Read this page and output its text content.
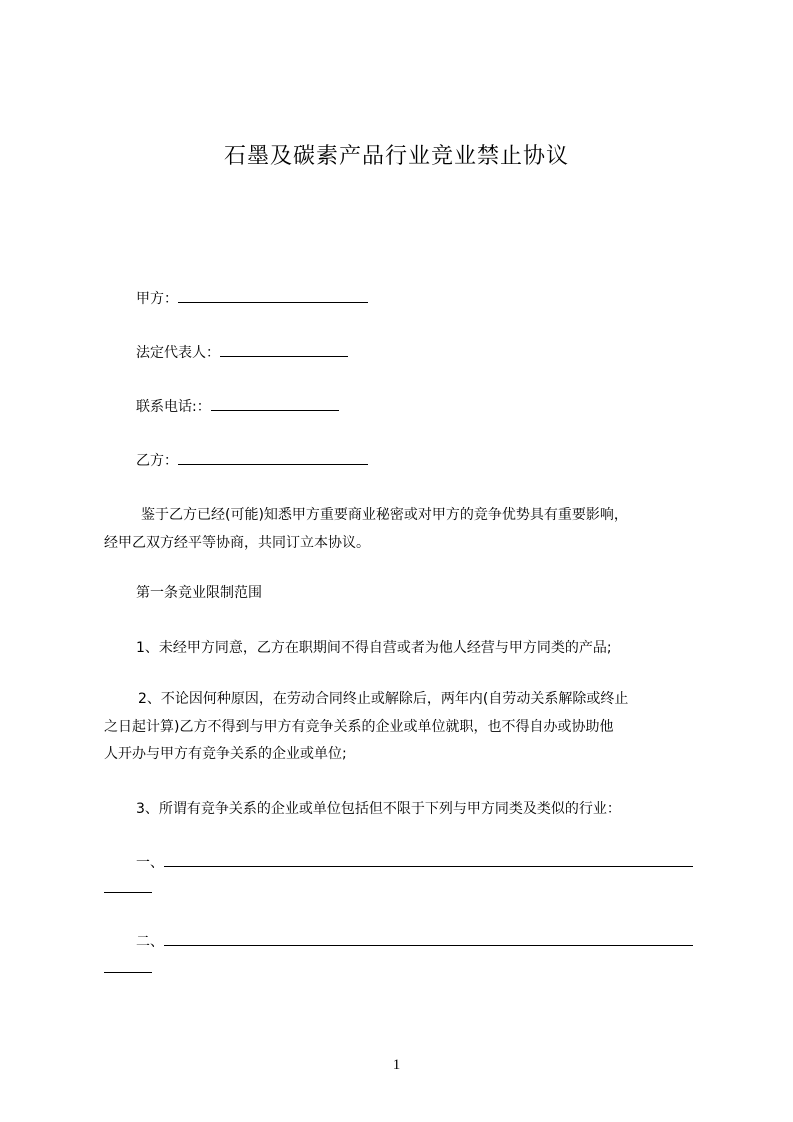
石墨及碳素产品行业竞业禁止协议
甲方：
法定代表人：
联系电话:：
乙方：
鉴于乙方已经(可能)知悉甲方重要商业秘密或对甲方的竞争优势具有重要影响，
经甲乙双方经平等协商，共同订立本协议。
第一条竞业限制范围
1、未经甲方同意，乙方在职期间不得自营或者为他人经营与甲方同类的产品;
2、不论因何种原因，在劳动合同终止或解除后，两年内(自劳动关系解除或终止
之日起计算)乙方不得到与甲方有竞争关系的企业或单位就职，也不得自办或协助他
人开办与甲方有竞争关系的企业或单位;
3、所谓有竞争关系的企业或单位包括但不限于下列与甲方同类及类似的行业：
一、
二、
1
